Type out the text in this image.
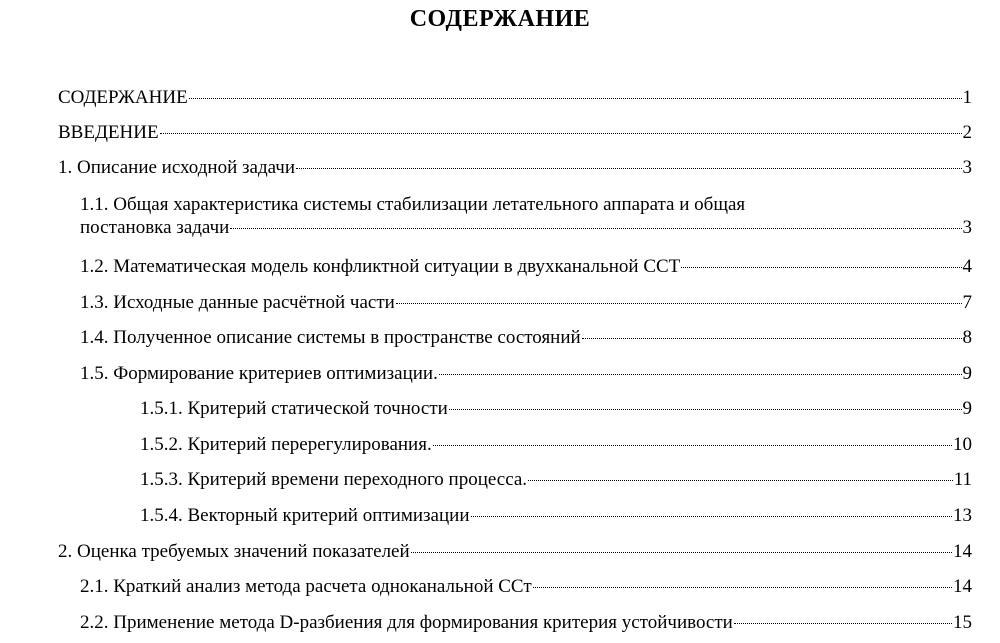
СОДЕРЖАНИЕ
СОДЕРЖАНИЕ	1
ВВЕДЕНИЕ	2
1. Описание исходной задачи	3
1.1. Общая характеристика системы стабилизации летательного аппарата и общая
постановка задачи	3
1.2. Математическая модель конфликтной ситуации в двухканальной ССТ	4
1.3. Исходные данные расчётной части	7
1.4. Полученное описание системы в пространстве состояний	8
1.5. Формирование критериев оптимизации.	9
1.5.1. Критерий статической точности	9
1.5.2. Критерий перерегулирования.	10
1.5.3. Критерий времени переходного процесса.	11
1.5.4. Векторный критерий оптимизации	13
2. Оценка требуемых значений показателей	14
2.1. Краткий анализ метода расчета одноканальной ССт	14
2.2. Применение метода D-разбиения для формирования критерия устойчивости	15
